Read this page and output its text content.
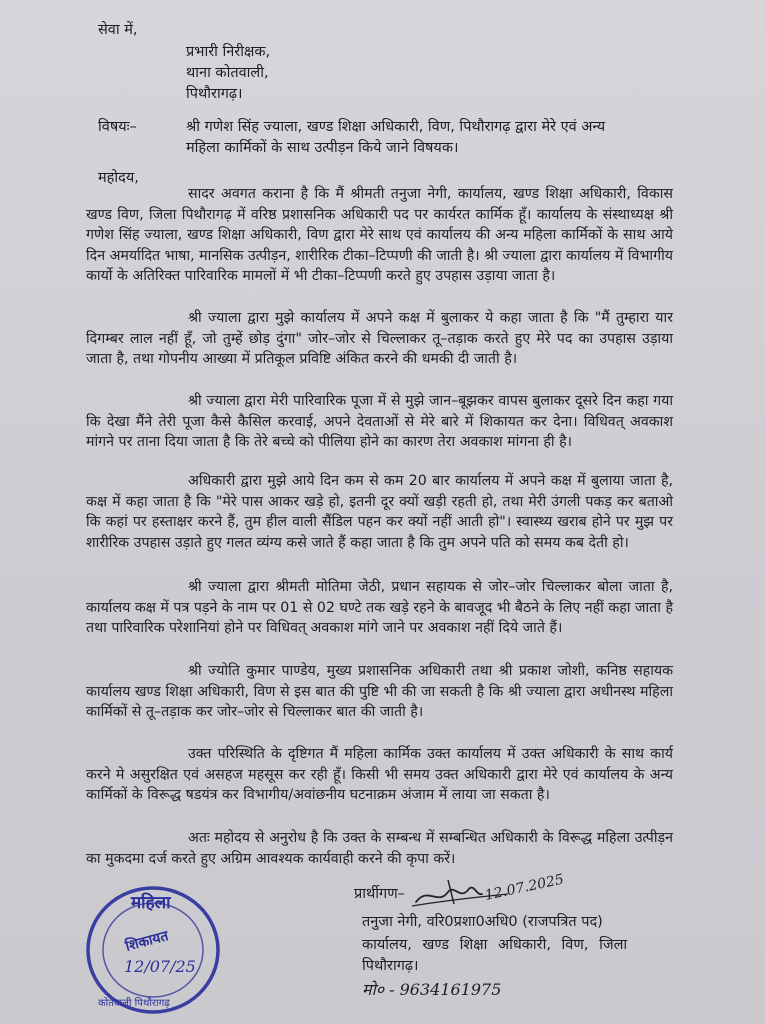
सेवा में,

प्रभारी निरीक्षक,

थाना कोतवाली,

पिथौरागढ़।

विषयः–	श्री गणेश सिंह ज्याला, खण्ड शिक्षा अधिकारी, विण, पिथौरागढ़ द्वारा मेरे एवं अन्य

महिला कार्मिकों के साथ उत्पीड़न किये जाने विषयक।

महोदय,

सादर अवगत कराना है कि मैं श्रीमती तनुजा नेगी, कार्यालय, खण्ड शिक्षा अधिकारी, विकास खण्ड विण, जिला पिथौरागढ़ में वरिष्ठ प्रशासनिक अधिकारी पद पर कार्यरत कार्मिक हूँ। कार्यालय के संस्थाध्यक्ष श्री गणेश सिंह ज्याला, खण्ड शिक्षा अधिकारी, विण द्वारा मेरे साथ एवं कार्यालय की अन्य महिला कार्मिकों के साथ आये दिन अमर्यादित भाषा, मानसिक उत्पीड़न, शारीरिक टीका–टिप्पणी की जाती है। श्री ज्याला द्वारा कार्यालय में विभागीय कार्यो के अतिरिक्त पारिवारिक मामलों में भी टीका–टिप्पणी करते हुए उपहास उड़ाया जाता है।

श्री ज्याला द्वारा मुझे कार्यालय में अपने कक्ष में बुलाकर ये कहा जाता है कि "मैं तुम्हारा यार दिगम्बर लाल नहीं हूँ, जो तुम्हें छोड़ दुंगा" जोर–जोर से चिल्लाकर तू–तड़ाक करते हुए मेरे पद का उपहास उड़ाया जाता है, तथा गोपनीय आख्या में प्रतिकूल प्रविष्टि अंकित करने की धमकी दी जाती है।

श्री ज्याला द्वारा मेरी पारिवारिक पूजा में से मुझे जान–बूझकर वापस बुलाकर दूसरे दिन कहा गया कि देखा मैंने तेरी पूजा कैसे कैसिल करवाई, अपने देवताओं से मेरे बारे में शिकायत कर देना। विधिवत् अवकाश मांगने पर ताना दिया जाता है कि तेरे बच्चे को पीलिया होने का कारण तेरा अवकाश मांगना ही है।

अधिकारी द्वारा मुझे आये दिन कम से कम 20 बार कार्यालय में अपने कक्ष में बुलाया जाता है, कक्ष में कहा जाता है कि "मेरे पास आकर खड़े हो, इतनी दूर क्यों खड़ी रहती हो, तथा मेरी उंगली पकड़ कर बताओ कि कहां पर हस्ताक्षर करने हैं, तुम हील वाली सैंडिल पहन कर क्यों नहीं आती हो"। स्वास्थ्य खराब होने पर मुझ पर शारीरिक उपहास उड़ाते हुए गलत व्यंग्य कसे जाते हैं कहा जाता है कि तुम अपने पति को समय कब देती हो।

श्री ज्याला द्वारा श्रीमती मोतिमा जेठी, प्रधान सहायक से जोर–जोर चिल्लाकर बोला जाता है, कार्यालय कक्ष में पत्र पड़ने के नाम पर 01 से 02 घण्टे तक खड़े रहने के बावजूद भी बैठने के लिए नहीं कहा जाता है तथा पारिवारिक परेशानियां होने पर विधिवत् अवकाश मांगे जाने पर अवकाश नहीं दिये जाते हैं।

श्री ज्योति कुमार पाण्डेय, मुख्य प्रशासनिक अधिकारी तथा श्री प्रकाश जोशी, कनिष्ठ सहायक कार्यालय खण्ड शिक्षा अधिकारी, विण से इस बात की पुष्टि भी की जा सकती है कि श्री ज्याला द्वारा अधीनस्थ महिला कार्मिकों से तू–तड़ाक कर जोर–जोर से चिल्लाकर बात की जाती है।

उक्त परिस्थिति के दृष्टिगत मैं महिला कार्मिक उक्त कार्यालय में उक्त अधिकारी के साथ कार्य करने मे असुरक्षित एवं असहज महसूस कर रही हूँ। किसी भी समय उक्त अधिकारी द्वारा मेरे एवं कार्यालय के अन्य कार्मिकों के विरूद्ध षडयंत्र कर विभागीय/अवांछनीय घटनाक्रम अंजाम में लाया जा सकता है।

अतः महोदय से अनुरोध है कि उक्त के सम्बन्ध में सम्बन्धित अधिकारी के विरूद्ध महिला उत्पीड़न का मुकदमा दर्ज करते हुए अग्रिम आवश्यक कार्यवाही करने की कृपा करें।

प्रार्थीगण–	12.07.2025

तनुजा नेगी, वरि0प्रशा0अधि0 (राजपत्रित पद)

कार्यालय, खण्ड शिक्षा अधिकारी, विण, जिला

पिथौरागढ़।

मो० - 9634161975

महिला
शिकायत
12/07/25
कोतवाली पिथौरागढ़
